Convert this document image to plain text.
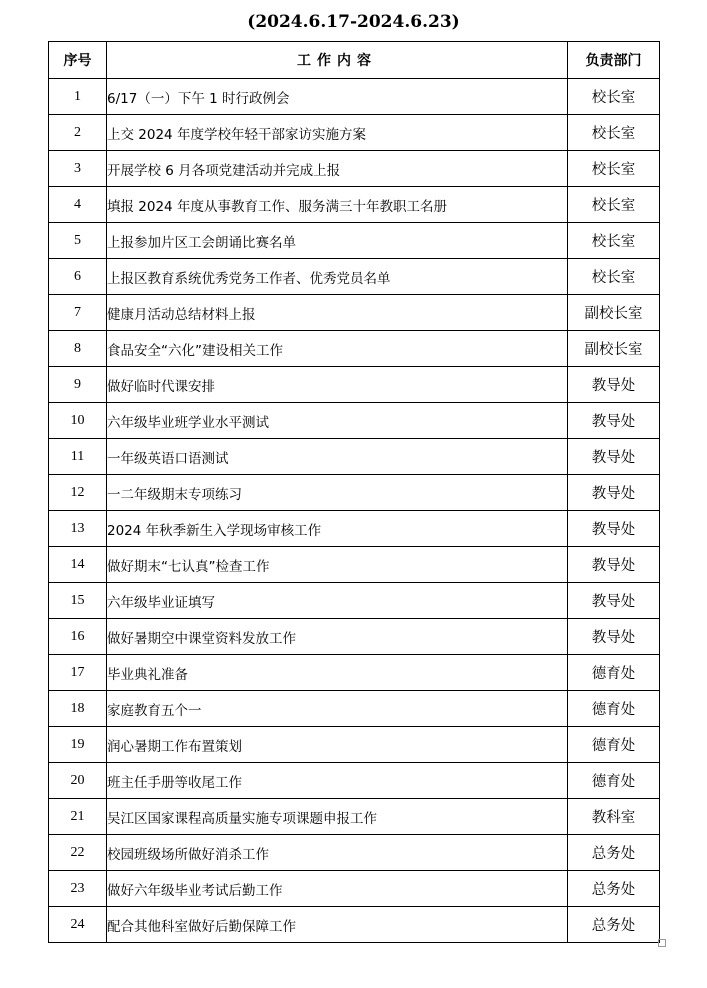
(2024.6.17-2024.6.23)
序号	工作内容	负责部门
1	6/17（一）下午 1 时行政例会	校长室
2	上交 2024 年度学校年轻干部家访实施方案	校长室
3	开展学校 6 月各项党建活动并完成上报	校长室
4	填报 2024 年度从事教育工作、服务满三十年教职工名册	校长室
5	上报参加片区工会朗诵比赛名单	校长室
6	上报区教育系统优秀党务工作者、优秀党员名单	校长室
7	健康月活动总结材料上报	副校长室
8	食品安全“六化”建设相关工作	副校长室
9	做好临时代课安排	教导处
10	六年级毕业班学业水平测试	教导处
11	一年级英语口语测试	教导处
12	一二年级期末专项练习	教导处
13	2024 年秋季新生入学现场审核工作	教导处
14	做好期末“七认真”检查工作	教导处
15	六年级毕业证填写	教导处
16	做好暑期空中课堂资料发放工作	教导处
17	毕业典礼准备	德育处
18	家庭教育五个一	德育处
19	润心暑期工作布置策划	德育处
20	班主任手册等收尾工作	德育处
21	吴江区国家课程高质量实施专项课题申报工作	教科室
22	校园班级场所做好消杀工作	总务处
23	做好六年级毕业考试后勤工作	总务处
24	配合其他科室做好后勤保障工作	总务处
